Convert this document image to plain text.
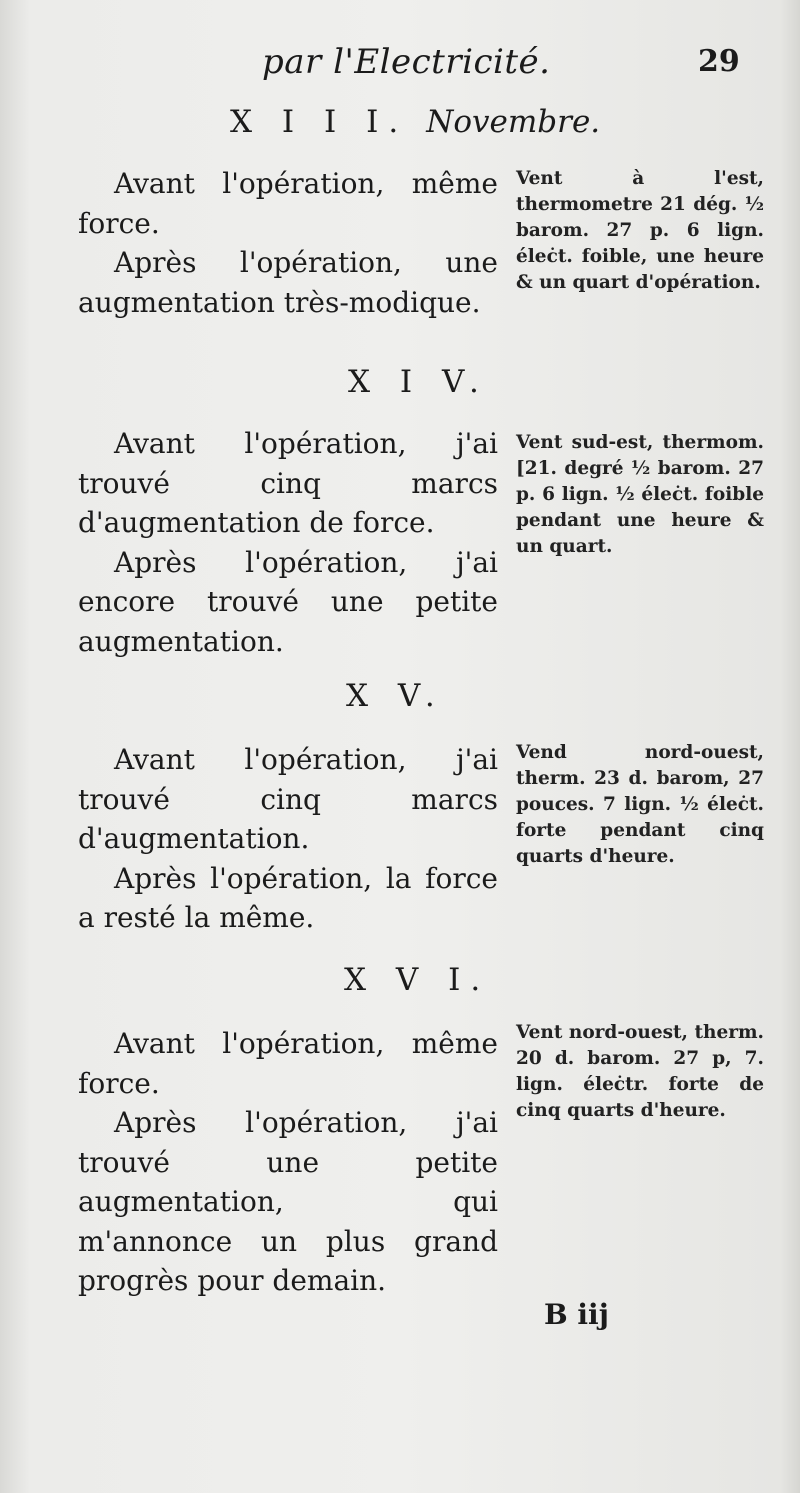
par l'Electricité.	29
X I I I. Novembre.

Avant l'opération, même force.

Après l'opération, une augmentation très-modique.

Vent à l'est, thermometre 21 dég. ½ barom. 27 p. 6 lign. éleċt. foible, une heure & un quart d'opération.
X I V.

Avant l'opération, j'ai trouvé cinq marcs d'augmentation de force.

Après l'opération, j'ai encore trouvé une petite augmentation.

Vent sud-est, thermom. [21. degré ½ barom. 27 p. 6 lign. ½ éleċt. foible pendant une heure & un quart.
X V.

Avant l'opération, j'ai trouvé cinq marcs d'augmentation.

Après l'opération, la force a resté la même.

Vend nord-ouest, therm. 23 d. barom, 27 pouces. 7 lign. ½ éleċt. forte pendant cinq quarts d'heure.
X V I.

Avant l'opération, même force.

Après l'opération, j'ai trouvé une petite augmentation, qui m'annonce un plus grand progrès pour demain.

Vent nord-ouest, therm. 20 d. barom. 27 p, 7. lign. éleċtr. forte de cinq quarts d'heure.
B iij
